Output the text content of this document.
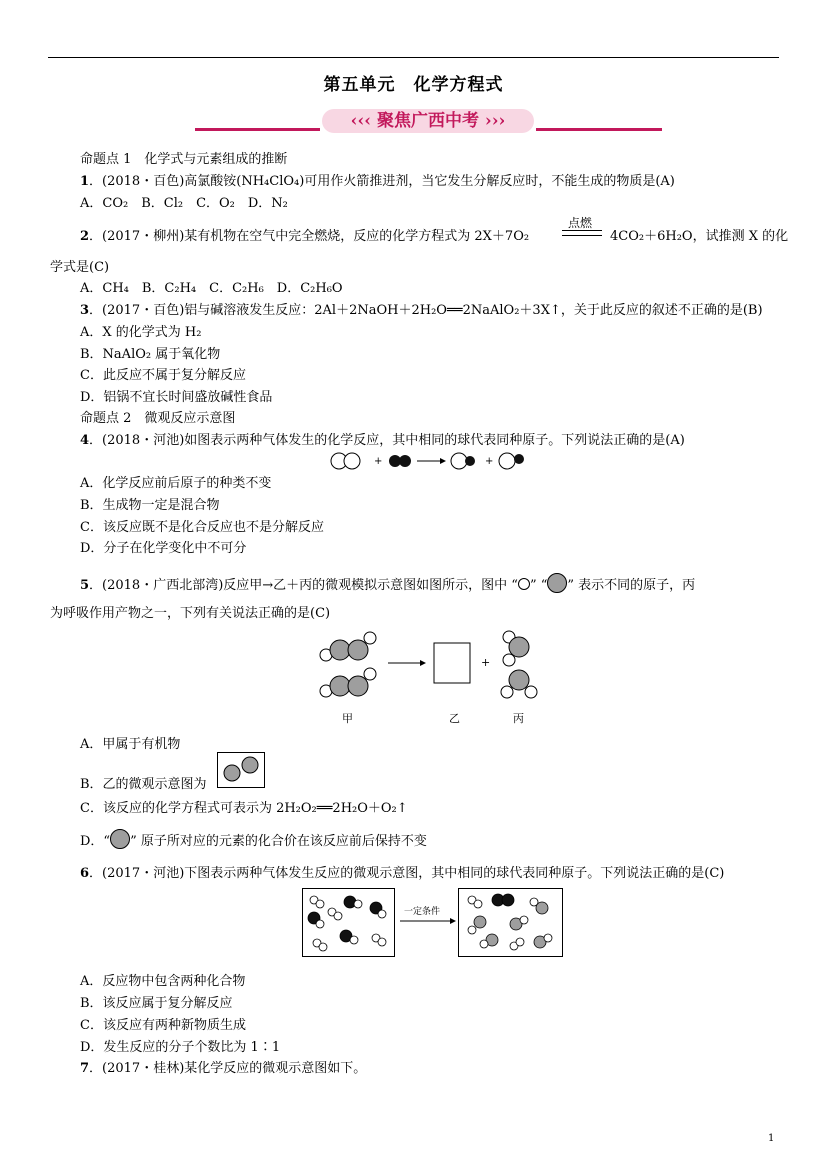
第五单元　化学方程式
‹‹‹ 聚焦广西中考 ›››
命题点 1　化学式与元素组成的推断
1．(2018・百色)高氯酸铵(NH₄ClO₄)可用作火箭推进剂，当它发生分解反应时，不能生成的物质是(A)
A．CO₂　B．Cl₂　C．O₂　D．N₂
2．(2017・柳州)某有机物在空气中完全燃烧，反应的化学方程式为 2X＋7O₂
点燃
4CO₂＋6H₂O，试推测 X 的化
学式是(C)
A．CH₄　B．C₂H₄　C．C₂H₆　D．C₂H₆O
3．(2017・百色)铝与碱溶液发生反应：2Al＋2NaOH＋2H₂O══2NaAlO₂＋3X↑，关于此反应的叙述不正确的是(B)
A．X 的化学式为 H₂
B．NaAlO₂ 属于氧化物
C．此反应不属于复分解反应
D．铝锅不宜长时间盛放碱性食品
命题点 2　微观反应示意图
4．(2018・河池)如图表示两种气体发生的化学反应，其中相同的球代表同种原子。下列说法正确的是(A)
+	+
A．化学反应前后原子的种类不变
B．生成物一定是混合物
C．该反应既不是化合反应也不是分解反应
D．分子在化学变化中不可分
5．(2018・广西北部湾)反应甲→乙＋丙的微观模拟示意图如图所示，图中 “ ” “ ” 表示不同的原子，丙
为呼吸作用产物之一，下列有关说法正确的是(C)
+
甲	乙	丙
A．甲属于有机物
B．乙的微观示意图为
C．该反应的化学方程式可表示为 2H₂O₂══2H₂O＋O₂↑
D．“ ” 原子所对应的元素的化合价在该反应前后保持不变
6．(2017・河池)下图表示两种气体发生反应的微观示意图，其中相同的球代表同种原子。下列说法正确的是(C)
一定条件
A．反应物中包含两种化合物
B．该反应属于复分解反应
C．该反应有两种新物质生成
D．发生反应的分子个数比为 1∶1
7．(2017・桂林)某化学反应的微观示意图如下。
1
